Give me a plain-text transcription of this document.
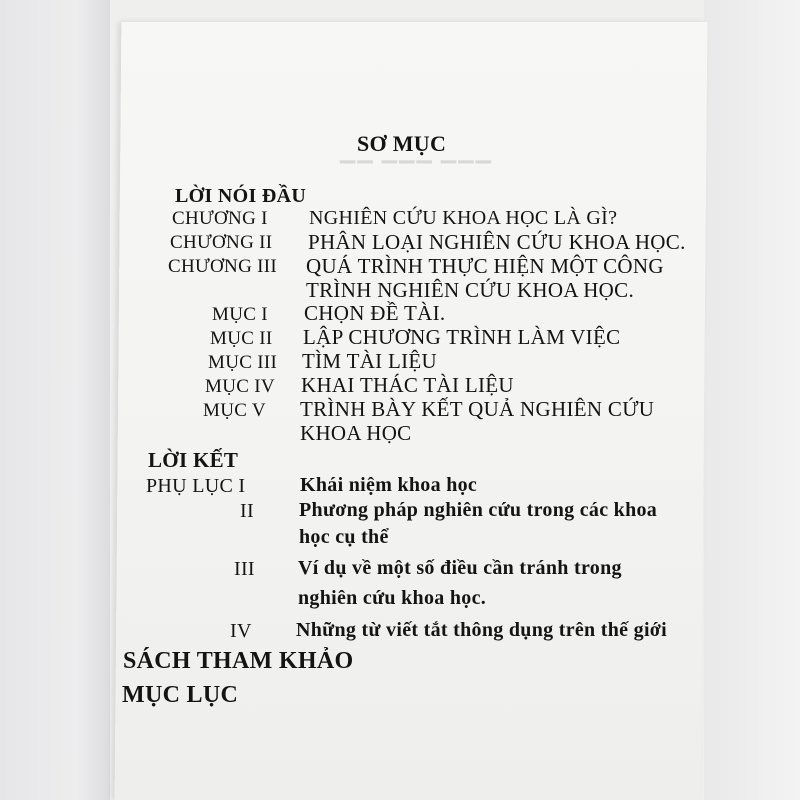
▔▔ ▔▔▔ ▔▔▔
SƠ MỤC
LỜI NÓI ĐẦU
CHƯƠNG I NGHIÊN CỨU KHOA HỌC LÀ GÌ?
CHƯƠNG II PHÂN LOẠI NGHIÊN CỨU KHOA HỌC.
CHƯƠNG III QUÁ TRÌNH THỰC HIỆN MỘT CÔNG
TRÌNH NGHIÊN CỨU KHOA HỌC.
MỤC I CHỌN ĐỀ TÀI.
MỤC II LẬP CHƯƠNG TRÌNH LÀM VIỆC
MỤC III TÌM TÀI LIỆU
MỤC IV KHAI THÁC TÀI LIỆU
MỤC V TRÌNH BÀY KẾT QUẢ NGHIÊN CỨU
KHOA HỌC
LỜI KẾT
PHỤ LỤC I	Khái niệm khoa học
II Phương pháp nghiên cứu trong các khoa
học cụ thể
III Ví dụ về một số điều cần tránh trong
nghiên cứu khoa học.
IV Những từ viết tắt thông dụng trên thế giới
SÁCH THAM KHẢO
MỤC LỤC
